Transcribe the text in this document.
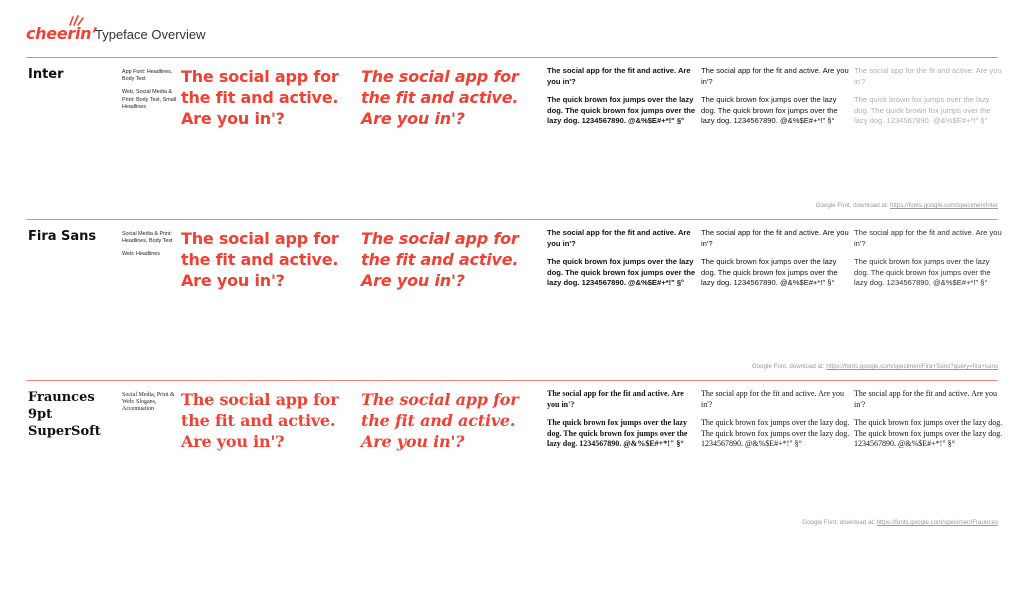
cheerin’
Typeface Overview
Inter	App Font: Headlines, Body Text
Web, Social Media & Print: Body Text, Small Headlines
The social app for the fit and active. Are you in'?
The social app for the fit and active. Are you in'?

The social app for the fit and active. Are you in'?

The quick brown fox jumps over the lazy dog. The quick brown fox jumps over the lazy dog. 1234567890. @&%$E#+*!" §°

The social app for the fit and active. Are you in'?

The quick brown fox jumps over the lazy dog. The quick brown fox jumps over the lazy dog. 1234567890. @&%$E#+*!" §°

The social app for the fit and active. Are you in'?

The quick brown fox jumps over the lazy dog. The quick brown fox jumps over the lazy dog. 1234567890. @&%$E#+*!" §°

Google Font, download at: https://fonts.google.com/specimen/Inter
Fira Sans	Social Media & Print: Headlines, Body Text
Web: Headlines
The social app for the fit and active. Are you in'?
The social app for the fit and active. Are you in'?

The social app for the fit and active. Are you in'?

The quick brown fox jumps over the lazy dog. The quick brown fox jumps over the lazy dog. 1234567890. @&%$E#+*!" §°

The social app for the fit and active. Are you in'?

The quick brown fox jumps over the lazy dog. The quick brown fox jumps over the lazy dog. 1234567890. @&%$E#+*!" §°

The social app for the fit and active. Are you in'?

The quick brown fox jumps over the lazy dog. The quick brown fox jumps over the lazy dog. 1234567890. @&%$E#+*!" §°

Google Font, download at: https://fonts.google.com/specimen/Fira+Sans?query=fira+sans
Fraunces 9pt SuperSoft
Social Media, Print & Web: Slogans, Accentuation
The social app for the fit and active. Are you in'?
The social app for the fit and active. Are you in'?

The social app for the fit and active. Are you in'?

The quick brown fox jumps over the lazy dog. The quick brown fox jumps over the lazy dog. 1234567890. @&%$E#+*!" §°

The social app for the fit and active. Are you in'?

The quick brown fox jumps over the lazy dog. The quick brown fox jumps over the lazy dog. 1234567890. @&%$E#+*!" §°

The social app for the fit and active. Are you in'?

The quick brown fox jumps over the lazy dog. The quick brown fox jumps over the lazy dog. 1234567890. @&%$E#+*!" §°

Google Font, download at: https://fonts.google.com/specimen/Fraunces
